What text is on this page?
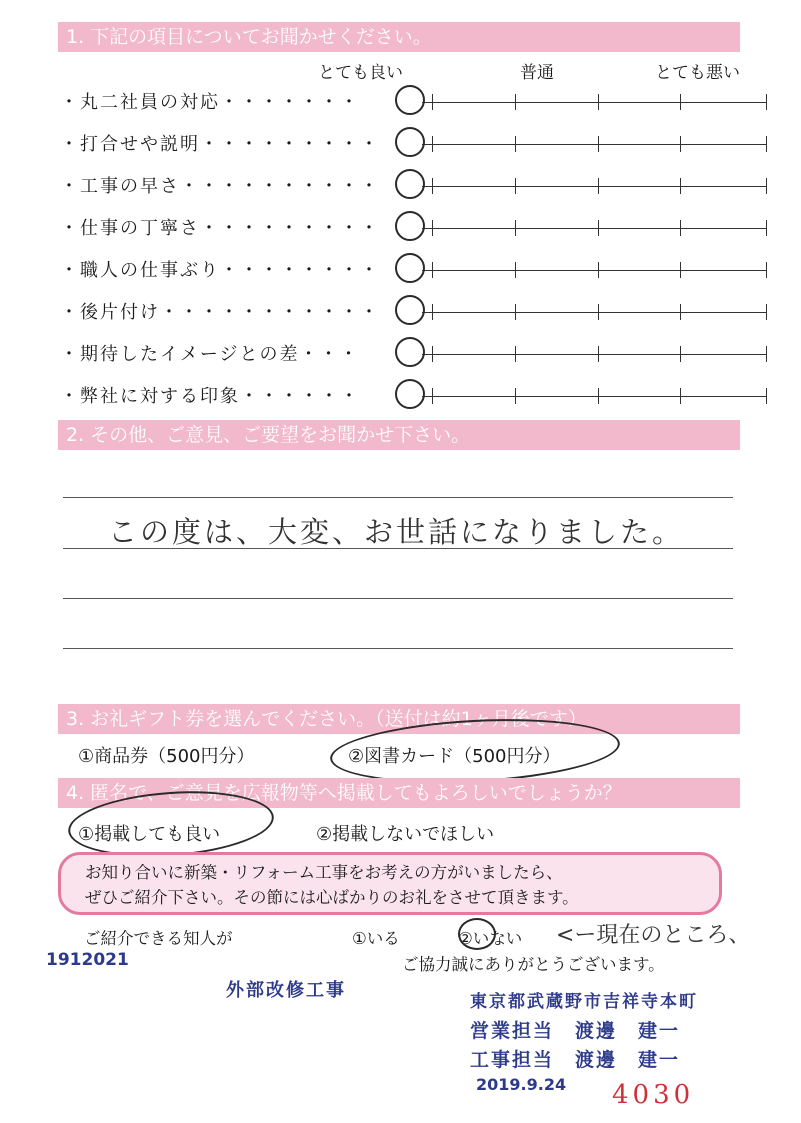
1. 下記の項目についてお聞かせください。
とても良い	普通	とても悪い
・丸二社員の対応・・・・・・・
・打合せや説明・・・・・・・・・
・工事の早さ・・・・・・・・・・
・仕事の丁寧さ・・・・・・・・・
・職人の仕事ぶり・・・・・・・・
・後片付け・・・・・・・・・・・
・期待したイメージとの差・・・
・弊社に対する印象・・・・・・
2. その他、ご意見、ご要望をお聞かせ下さい。
この度は、大変、お世話になりました。
3. お礼ギフト券を選んでください。（送付は約1ヶ月後です）
①商品券（500円分）	②図書カード（500円分）
4. 匿名で、ご意見を広報物等へ掲載してもよろしいでしょうか？
①掲載しても良い	②掲載しないでほしい
お知り合いに新築・リフォーム工事をお考えの方がいましたら、
ぜひご紹介下さい。その節には心ばかりのお礼をさせて頂きます。
ご紹介できる知人が	①いる	②いない <ー現在のところ、
1912021	ご協力誠にありがとうございます。
外部改修工事
東京都武蔵野市吉祥寺本町
営業担当　渡邊　建一
工事担当　渡邊　建一
2019.9.24 4030
